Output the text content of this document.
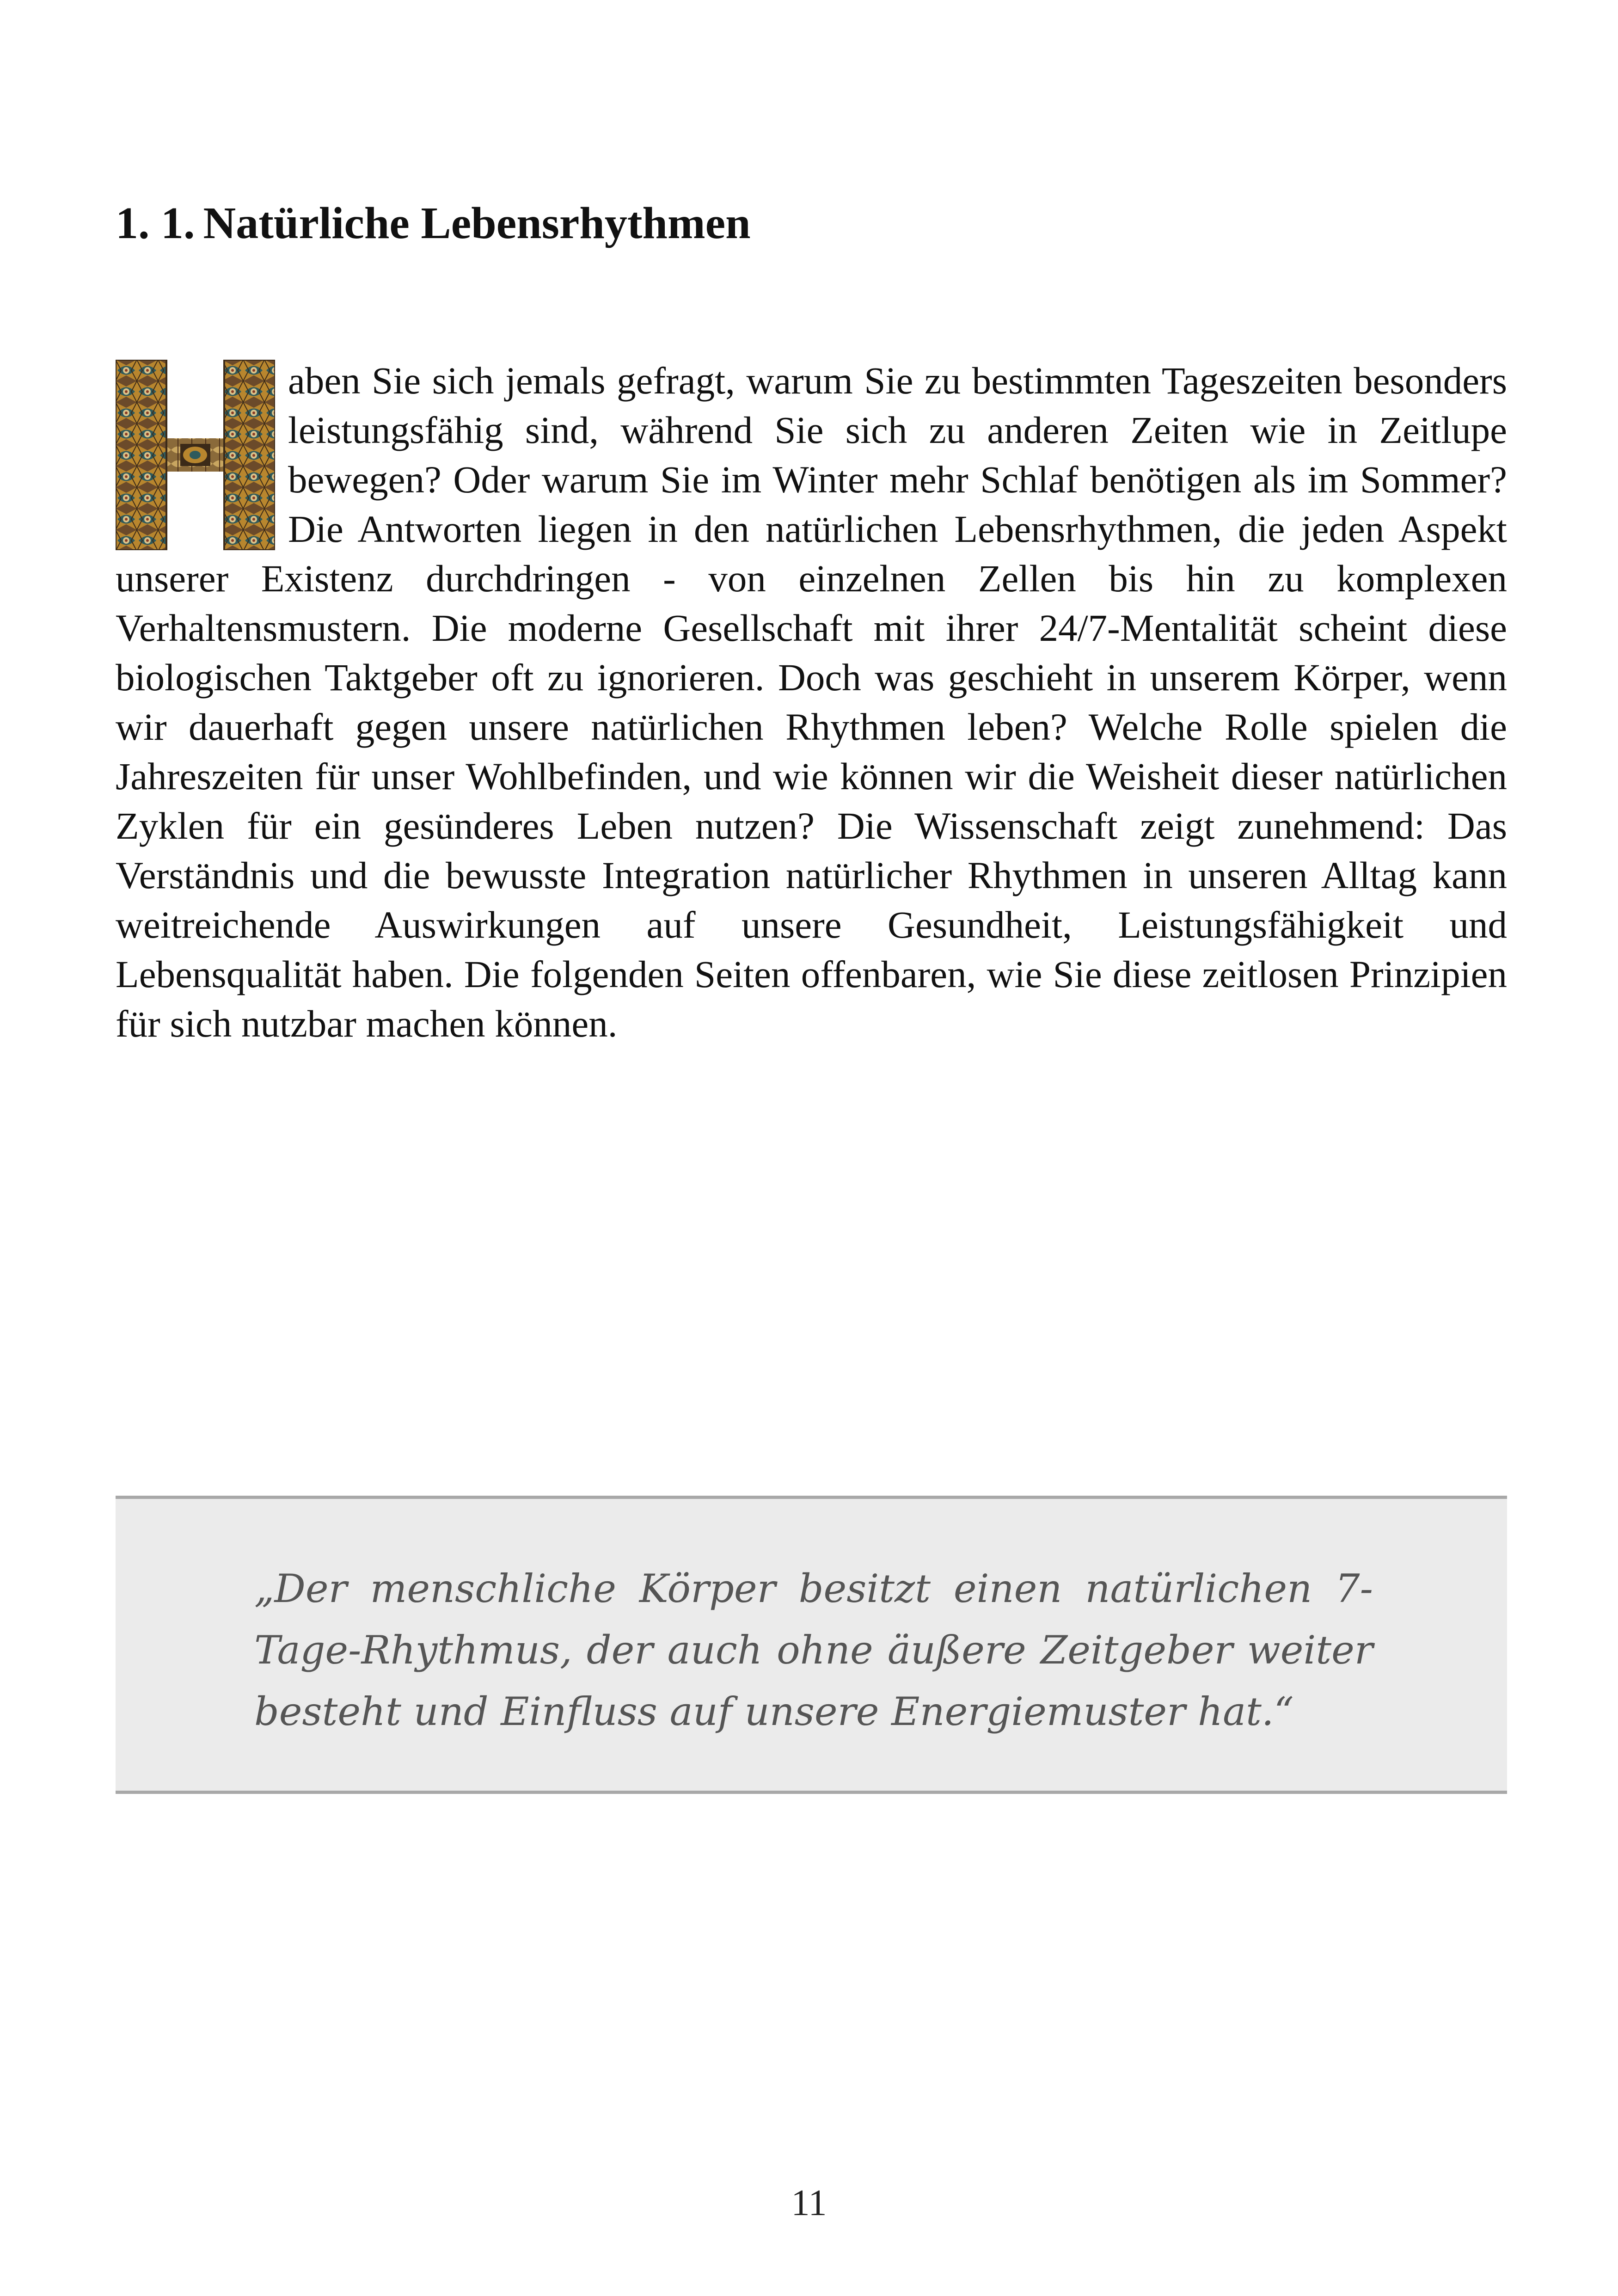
1. 1. Natürliche Lebensrhythmen

aben Sie sich jemals gefragt, warum Sie zu bestimmten Tageszeiten besonders leistungsfähig sind, während Sie sich zu anderen Zeiten wie in Zeitlupe bewegen? Oder warum Sie im Winter mehr Schlaf benötigen als im Sommer? Die Antworten liegen in den natürlichen Lebensrhythmen, die jeden Aspekt unserer Existenz durchdringen - von einzelnen Zellen bis hin zu komplexen Verhaltensmustern. Die moderne Gesellschaft mit ihrer 24/7-Mentalität scheint diese biologischen Taktgeber oft zu ignorieren. Doch was geschieht in unserem Körper, wenn wir dauerhaft gegen unsere natürlichen Rhythmen leben? Welche Rolle spielen die Jahreszeiten für unser Wohlbefinden, und wie können wir die Weisheit dieser natürlichen Zyklen für ein gesünderes Leben nutzen? Die Wissenschaft zeigt zunehmend: Das Verständnis und die bewusste Integration natürlicher Rhythmen in unseren Alltag kann weitreichende Auswirkungen auf unsere Gesundheit, Leistungsfähigkeit und Lebensqualität haben. Die folgenden Seiten offenbaren, wie Sie diese zeitlosen Prinzipien für sich nutzbar machen können.

„Der menschliche Körper besitzt einen natürlichen 7-Tage-Rhythmus, der auch ohne äußere Zeitgeber weiter besteht und Einfluss auf unsere Energiemuster hat.“

11
